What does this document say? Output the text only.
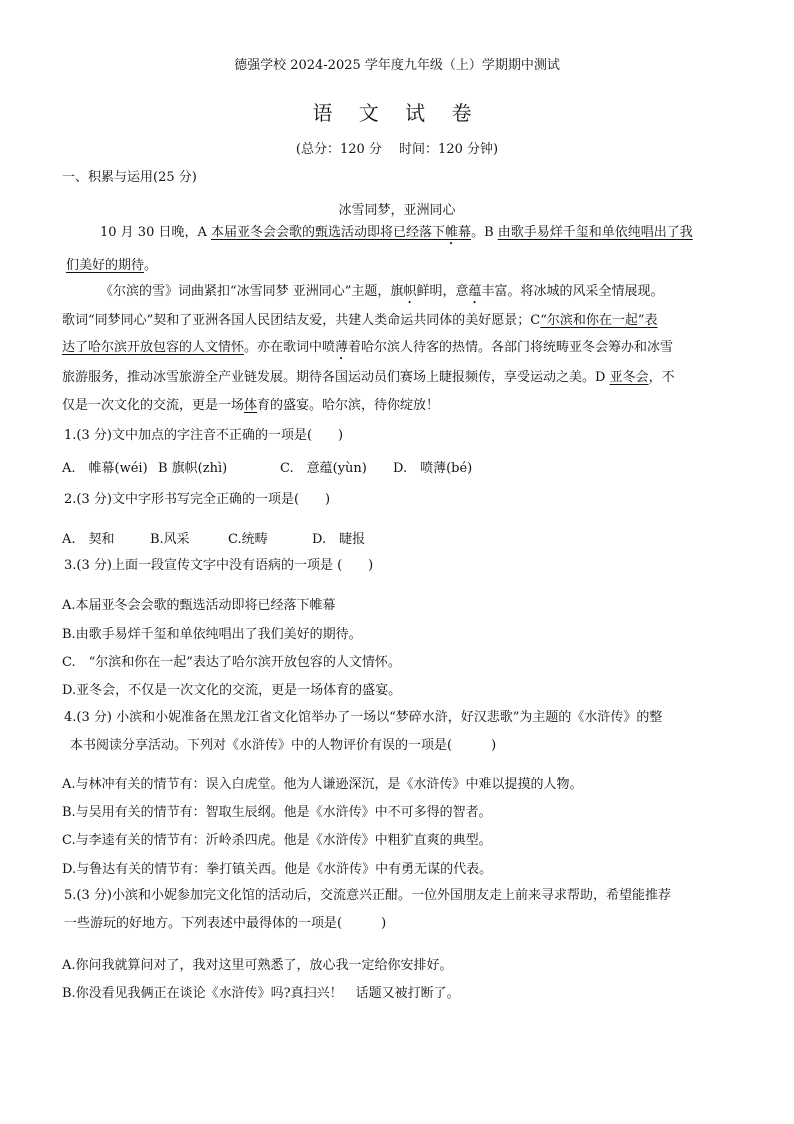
德强学校 2024-2025 学年度九年级（上）学期期中测试
语 文 试 卷
(总分：120 分　 时间：120 分钟)
一、积累与运用(25 分)
冰雪同梦，亚洲同心
10 月 30 日晚，A 本届亚冬会会歌的甄选活动即将已经落下帷幕。B 由歌手易烊千玺和单依纯唱出了我
们美好的期待。
《尔滨的雪》词曲紧扣“冰雪同梦 亚洲同心”主题，旗帜鲜明，意蕴丰富。将冰城的风采全情展现。
歌词“同梦同心”契和了亚洲各国人民团结友爱，共建人类命运共同体的美好愿景；C“尔滨和你在一起”表
达了哈尔滨开放包容的人文情怀。亦在歌词中喷薄着哈尔滨人待客的热情。各部门将统畴亚冬会筹办和冰雪
旅游服务，推动冰雪旅游全产业链发展。期待各国运动员们赛场上睫报频传，享受运动之美。D 亚冬会，不
仅是一次文化的交流，更是一场体育的盛宴。哈尔滨，待你绽放！
1.(3 分)文中加点的字注音不正确的一项是(　　)
A.　帷幕(wéi) B 旗帜(zhì)	C.　意蕴(yùn) D.　喷薄(bé)
2.(3 分)文中字形书写完全正确的一项是(　　)
A.　契和	B.风采	C.统畴	D.　睫报
3.(3 分)上面一段宣传文字中没有语病的一项是 (　　)
A.本届亚冬会会歌的甄选活动即将已经落下帷幕
B.由歌手易烊千玺和单依纯唱出了我们美好的期待。
C.　“尔滨和你在一起”表达了哈尔滨开放包容的人文情怀。
D.亚冬会，不仅是一次文化的交流，更是一场体育的盛宴。
4.(3 分) 小滨和小妮准备在黑龙江省文化馆举办了一场以“梦碎水浒，好汉悲歌”为主题的《水浒传》的整
本书阅读分享活动。下列对《水浒传》中的人物评价有误的一项是(　　　)
A.与林冲有关的情节有：误入白虎堂。他为人谦逊深沉，是《水浒传》中难以提摸的人物。
B.与吴用有关的情节有：智取生辰纲。他是《水浒传》中不可多得的智者。
C.与李逵有关的情节有：沂岭杀四虎。他是《水浒传》中粗犷直爽的典型。
D.与鲁达有关的情节有：拳打镇关西。他是《水浒传》中有勇无谋的代表。
5.(3 分)小滨和小妮参加完文化馆的活动后，交流意兴正酣。一位外国朋友走上前来寻求帮助，希望能推荐
一些游玩的好地方。下列表述中最得体的一项是(　　　)
A.你问我就算问对了，我对这里可熟悉了，放心我一定给你安排好。
B.你没看见我俩正在谈论《水浒传》吗?真扫兴！　话题又被打断了。
